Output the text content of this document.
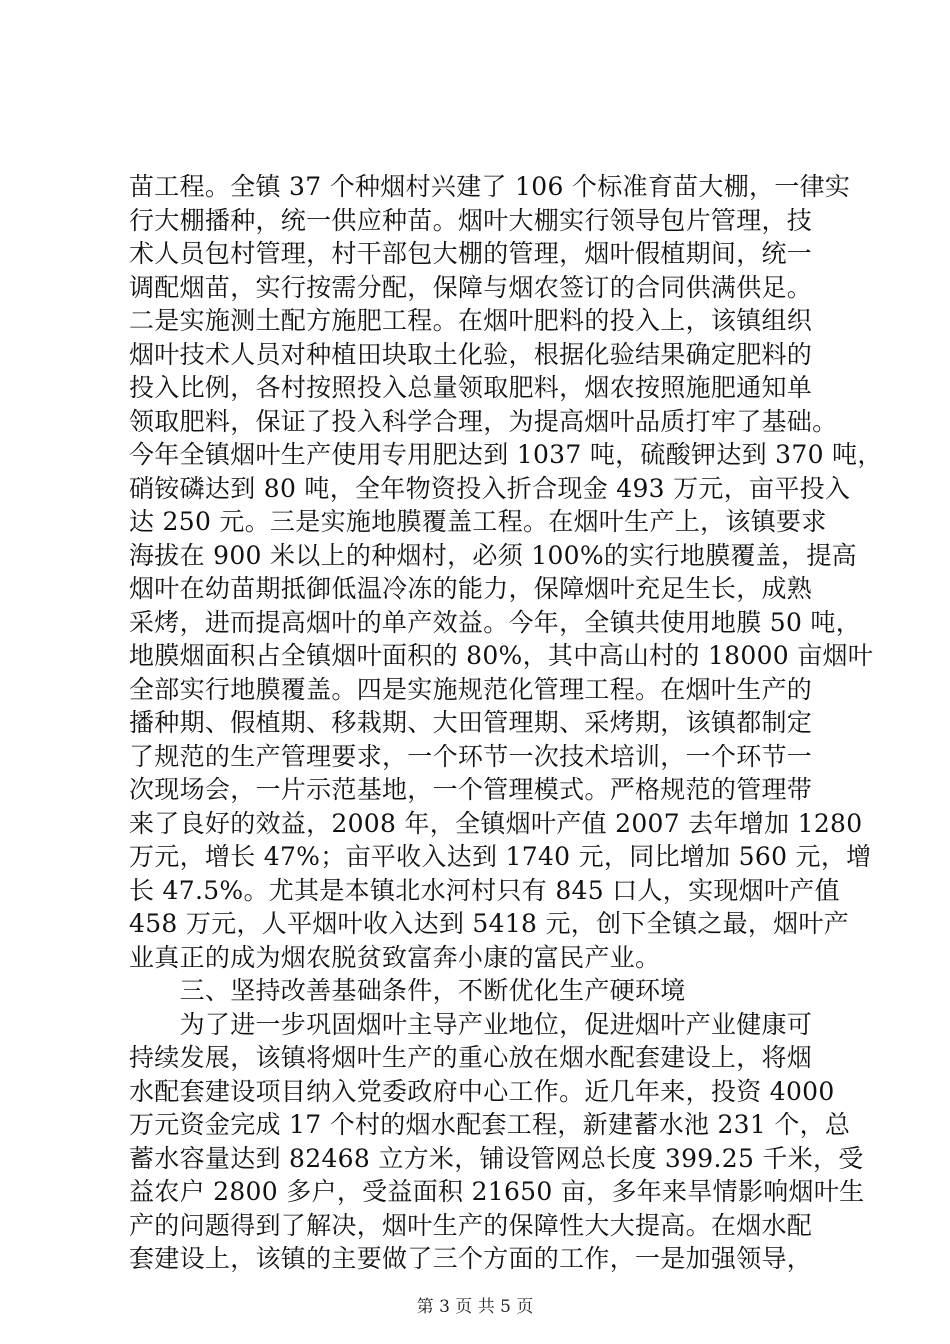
苗工程。全镇 37 个种烟村兴建了 106 个标准育苗大棚，一律实
行大棚播种，统一供应种苗。烟叶大棚实行领导包片管理，技
术人员包村管理，村干部包大棚的管理，烟叶假植期间，统一
调配烟苗，实行按需分配，保障与烟农签订的合同供满供足。
二是实施测土配方施肥工程。在烟叶肥料的投入上，该镇组织
烟叶技术人员对种植田块取土化验，根据化验结果确定肥料的
投入比例，各村按照投入总量领取肥料，烟农按照施肥通知单
领取肥料，保证了投入科学合理，为提高烟叶品质打牢了基础。
今年全镇烟叶生产使用专用肥达到 1037 吨，硫酸钾达到 370 吨，
硝铵磷达到 80 吨，全年物资投入折合现金 493 万元，亩平投入
达 250 元。三是实施地膜覆盖工程。在烟叶生产上，该镇要求
海拔在 900 米以上的种烟村，必须 100%的实行地膜覆盖，提高
烟叶在幼苗期抵御低温冷冻的能力，保障烟叶充足生长，成熟
采烤，进而提高烟叶的单产效益。今年，全镇共使用地膜 50 吨，
地膜烟面积占全镇烟叶面积的 80%，其中高山村的 18000 亩烟叶
全部实行地膜覆盖。四是实施规范化管理工程。在烟叶生产的
播种期、假植期、移栽期、大田管理期、采烤期，该镇都制定
了规范的生产管理要求，一个环节一次技术培训，一个环节一
次现场会，一片示范基地，一个管理模式。严格规范的管理带
来了良好的效益，2008 年，全镇烟叶产值 2007 去年增加 1280
万元，增长 47%；亩平收入达到 1740 元，同比增加 560 元，增
长 47.5%。尤其是本镇北水河村只有 845 口人，实现烟叶产值
458 万元，人平烟叶收入达到 5418 元，创下全镇之最，烟叶产
业真正的成为烟农脱贫致富奔小康的富民产业。
　　三、坚持改善基础条件，不断优化生产硬环境
　　为了进一步巩固烟叶主导产业地位，促进烟叶产业健康可
持续发展，该镇将烟叶生产的重心放在烟水配套建设上，将烟
水配套建设项目纳入党委政府中心工作。近几年来，投资 4000
万元资金完成 17 个村的烟水配套工程，新建蓄水池 231 个，总
蓄水容量达到 82468 立方米，铺设管网总长度 399.25 千米，受
益农户 2800 多户，受益面积 21650 亩，多年来旱情影响烟叶生
产的问题得到了解决，烟叶生产的保障性大大提高。在烟水配
套建设上，该镇的主要做了三个方面的工作，一是加强领导，
第 3 页 共 5 页
